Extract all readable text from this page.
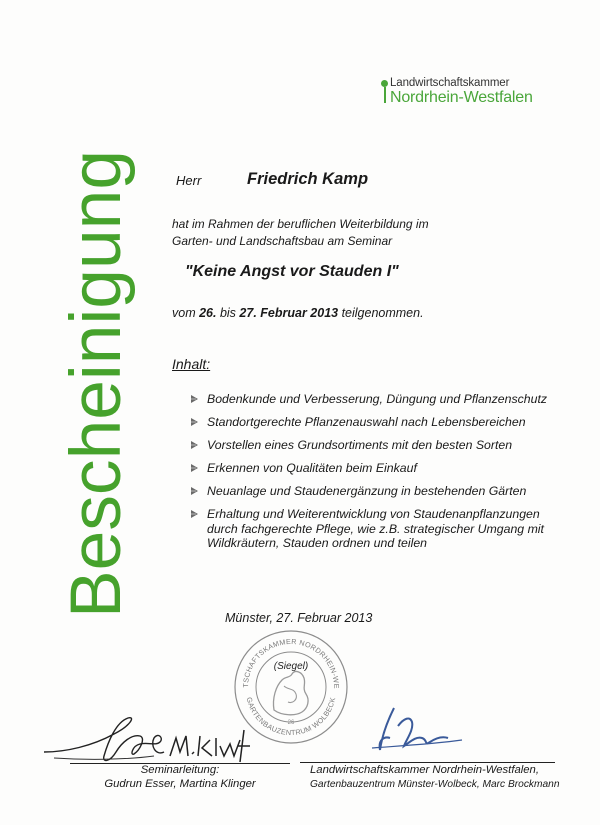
Landwirtschaftskammer
Nordrhein-Westfalen
Bescheinigung	Herr	Friedrich Kamp
hat im Rahmen der beruflichen Weiterbildung im
Garten- und Landschaftsbau am Seminar
"Keine Angst vor Stauden I"
vom 26. bis 27. Februar 2013 teilgenommen.
Inhalt:
Bodenkunde und Verbesserung, Düngung und Pflanzenschutz
Standortgerechte Pflanzenauswahl nach Lebensbereichen
Vorstellen eines Grundsortiments mit den besten Sorten
Erkennen von Qualitäten beim Einkauf
Neuanlage und Staudenergänzung in bestehenden Gärten
Erhaltung und Weiterentwicklung von Staudenanpflanzungen durch fachgerechte Pflege, wie z.B. strategischer Umgang mit Wildkräutern, Stauden ordnen und teilen
Münster, 27. Februar 2013
TSCHAFTSKAMMER NORDRHEIN-WE
GARTENBAUZENTRUM WOLBECK
26
(Siegel)
Seminarleitung:
Gudrun Esser, Martina Klinger
Landwirtschaftskammer Nordrhein-Westfalen,
Gartenbauzentrum Münster-Wolbeck, Marc Brockmann
